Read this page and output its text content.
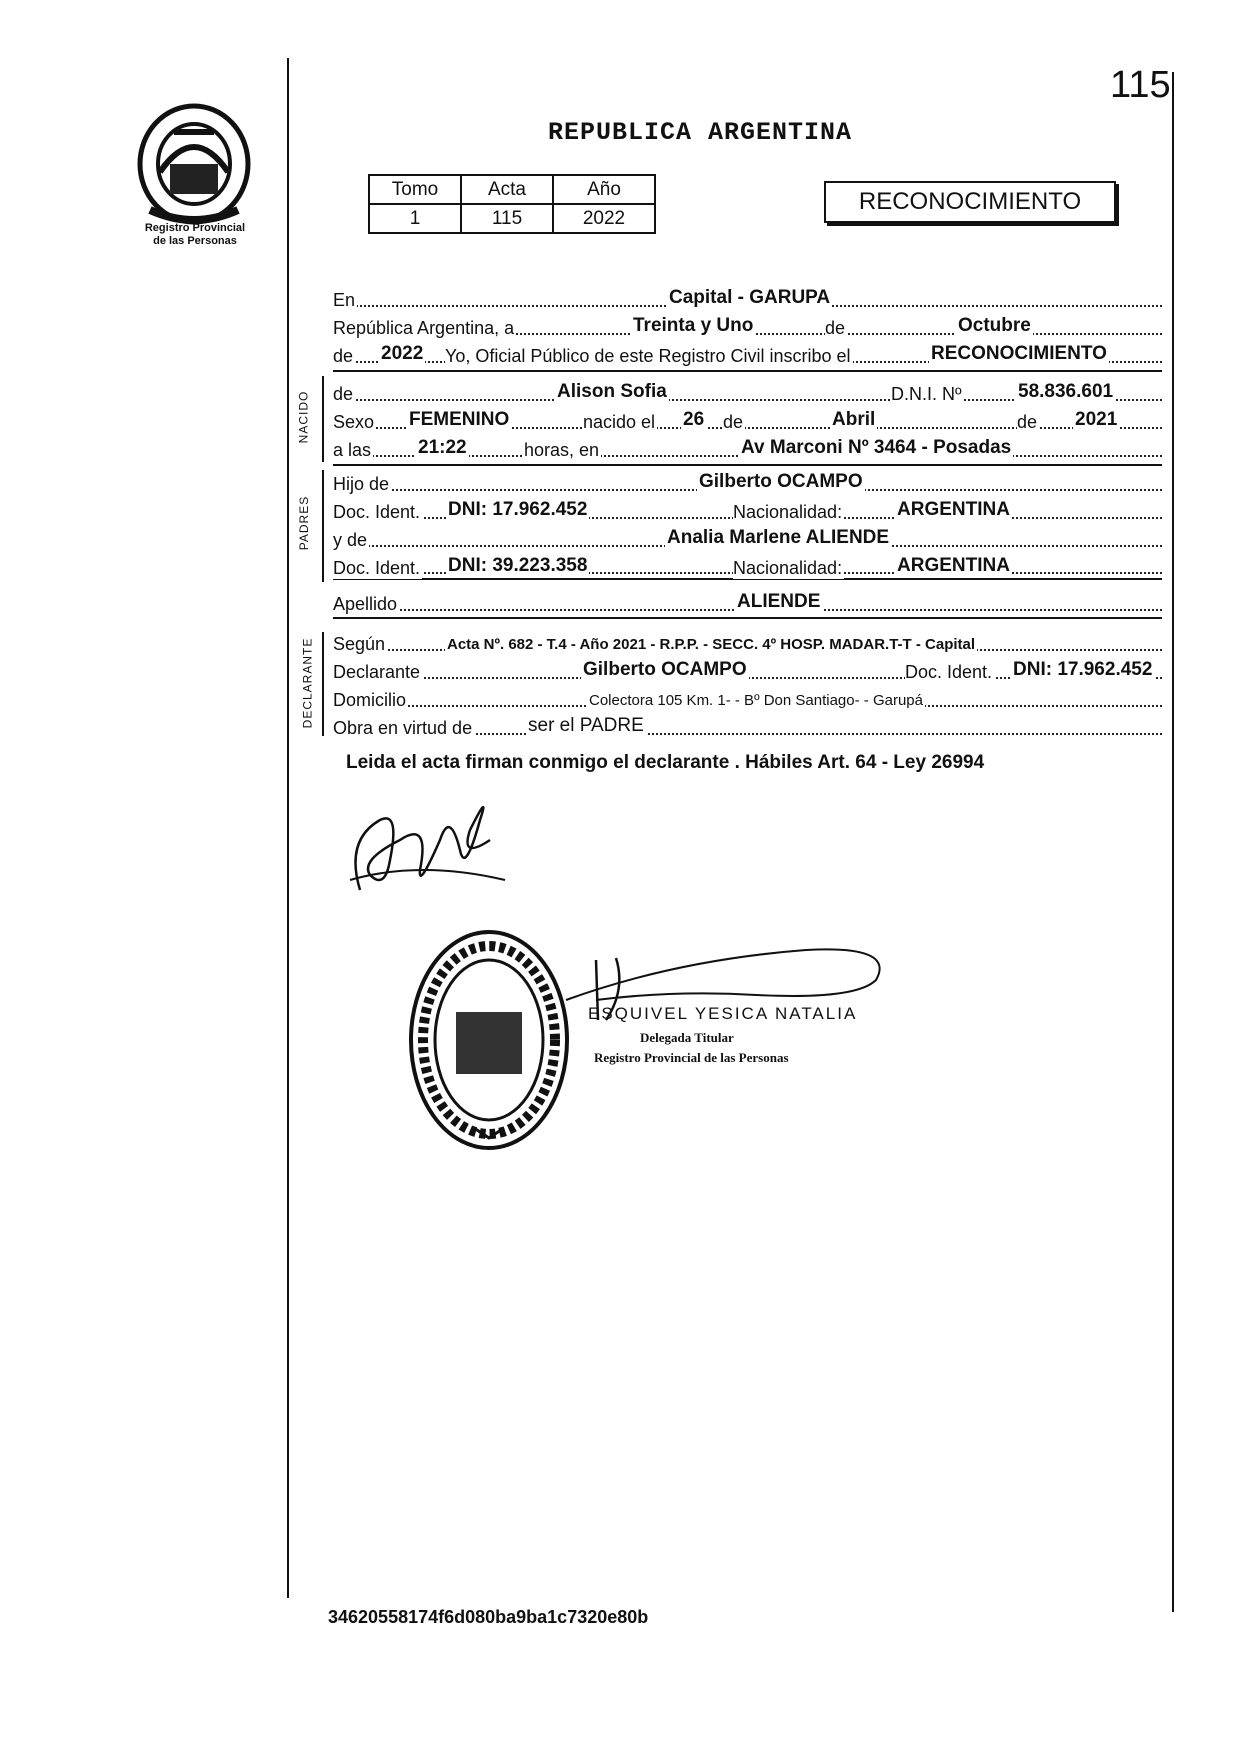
115
Registro Provincial
de las Personas
REPUBLICA ARGENTINA
Tomo	Acta	Año
1	115	2022
RECONOCIMIENTO
En	Capital - GARUPA
República Argentina, a	Treinta y Uno	de	Octubre
de 2022 Yo, Oficial Público de este Registro Civil inscribo el	RECONOCIMIENTO
NACIDO de	Alison Sofia	D.N.I. Nº	58.836.601
Sexo FEMENINO	nacido el 26 de	Abril	de 2021
a las 21:22	horas, en	Av Marconi Nº 3464 - Posadas
PADRES
Hijo de	Gilberto OCAMPO
Doc. Ident. DNI: 17.962.452	Nacionalidad:	ARGENTINA
y de	Analia Marlene ALIENDE
Doc. Ident. DNI: 39.223.358	Nacionalidad:	ARGENTINA
Apellido	ALIENDE
DECLARANTE Según	Acta Nº. 682 - T.4 - Año 2021 - R.P.P. - SECC. 4º HOSP. MADAR.T-T - Capital
Declarante	Gilberto OCAMPO	Doc. Ident. DNI: 17.962.452
Domicilio	Colectora 105 Km. 1- - Bº Don Santiago- - Garupá
Obra en virtud de	ser el PADRE
Leida el acta firman conmigo el declarante . Hábiles Art. 64 - Ley 26994
ESQUIVEL YESICA NATALIA
Delegada Titular
Registro Provincial de las Personas
34620558174f6d080ba9ba1c7320e80b
